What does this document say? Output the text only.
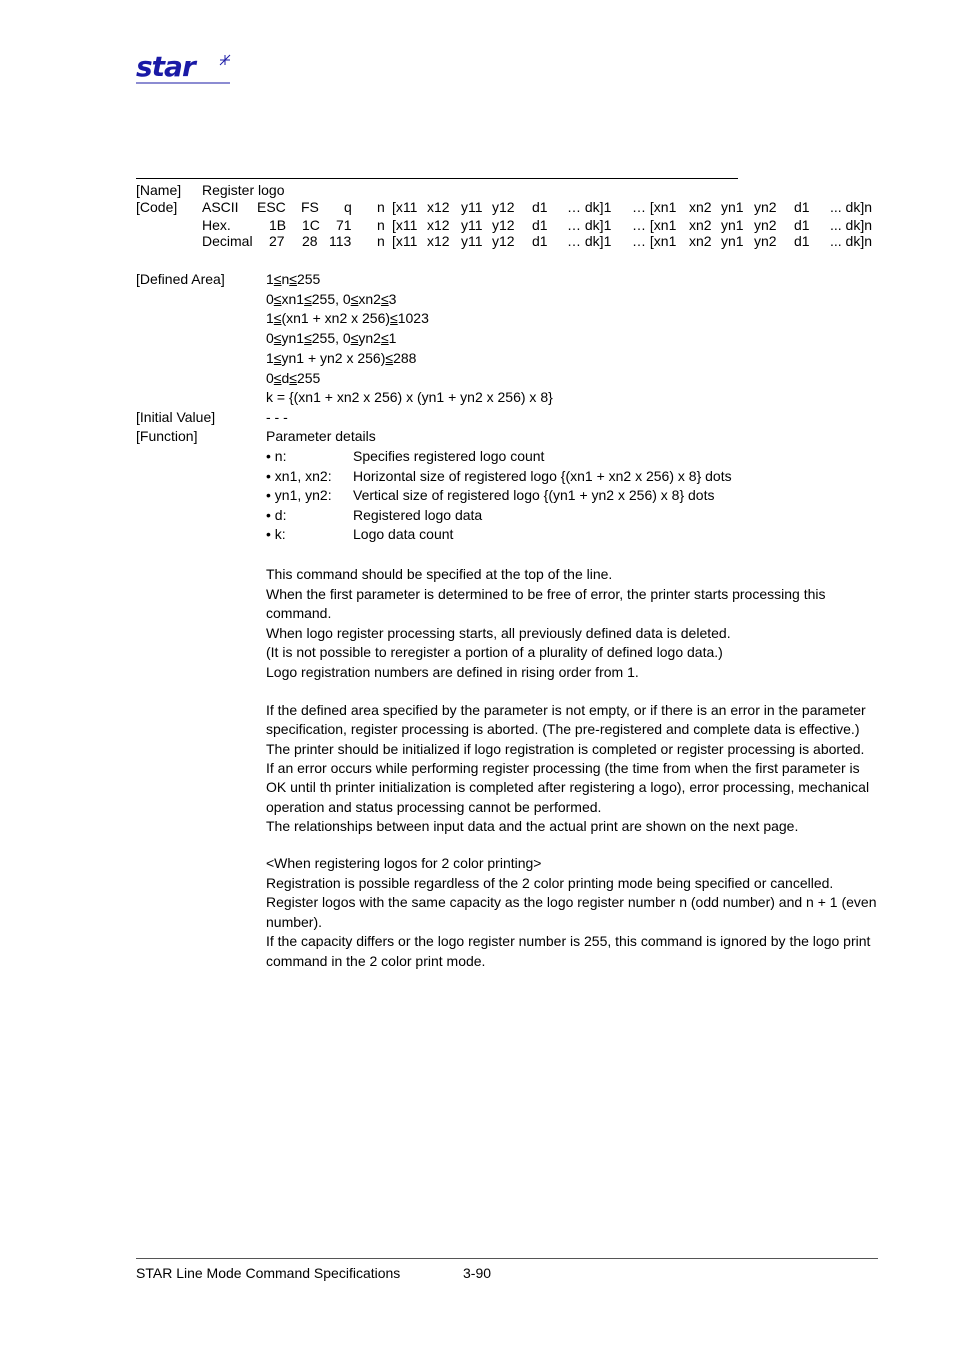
star
[Name] Register logo
[Code] ASCII ESC FS q n [x11 x12 y11 y12 d1 … dk]1 … [xn1 xn2 yn1 yn2 d1 ... dk]n
Hex.	1B 1C 71 n [x11 x12 y11 y12 d1 … dk]1 … [xn1 xn2 yn1 yn2 d1 ... dk]n
Decimal 27 28 113 n [x11 x12 y11 y12 d1 … dk]1 … [xn1 xn2 yn1 yn2 d1 ... dk]n
[Defined Area]	1≤n≤255
0≤xn1≤255, 0≤xn2≤3
1≤(xn1 + xn2 x 256)≤1023
0≤yn1≤255, 0≤yn2≤1
1≤yn1 + yn2 x 256)≤288
0≤d≤255
k = {(xn1 + xn2 x 256) x (yn1 + yn2 x 256) x 8}
[Initial Value]	- - -
[Function]	Parameter details
• n:	Specifies registered logo count
• xn1, xn2: Horizontal size of registered logo {(xn1 + xn2 x 256) x 8} dots
• yn1, yn2: Vertical size of registered logo {(yn1 + yn2 x 256) x 8} dots
• d:	Registered logo data
• k:	Logo data count
This command should be specified at the top of the line.
When the first parameter is determined to be free of error, the printer starts processing this
command.
When logo register processing starts, all previously defined data is deleted.
(It is not possible to reregister a portion of a plurality of defined logo data.)
Logo registration numbers are defined in rising order from 1.
If the defined area specified by the parameter is not empty, or if there is an error in the parameter
specification, register processing is aborted. (The pre-registered and complete data is effective.)
The printer should be initialized if logo registration is completed or register processing is aborted.
If an error occurs while performing register processing (the time from when the first parameter is
OK until th printer initialization is completed after registering a logo), error processing, mechanical
operation and status processing cannot be performed.
The relationships between input data and the actual print are shown on the next page.
<When registering logos for 2 color printing>
Registration is possible regardless of the 2 color printing mode being specified or cancelled.
Register logos with the same capacity as the logo register number n (odd number) and n + 1 (even
number).
If the capacity differs or the logo register number is 255, this command is ignored by the logo print
command in the 2 color print mode.
STAR Line Mode Command Specifications	3-90
